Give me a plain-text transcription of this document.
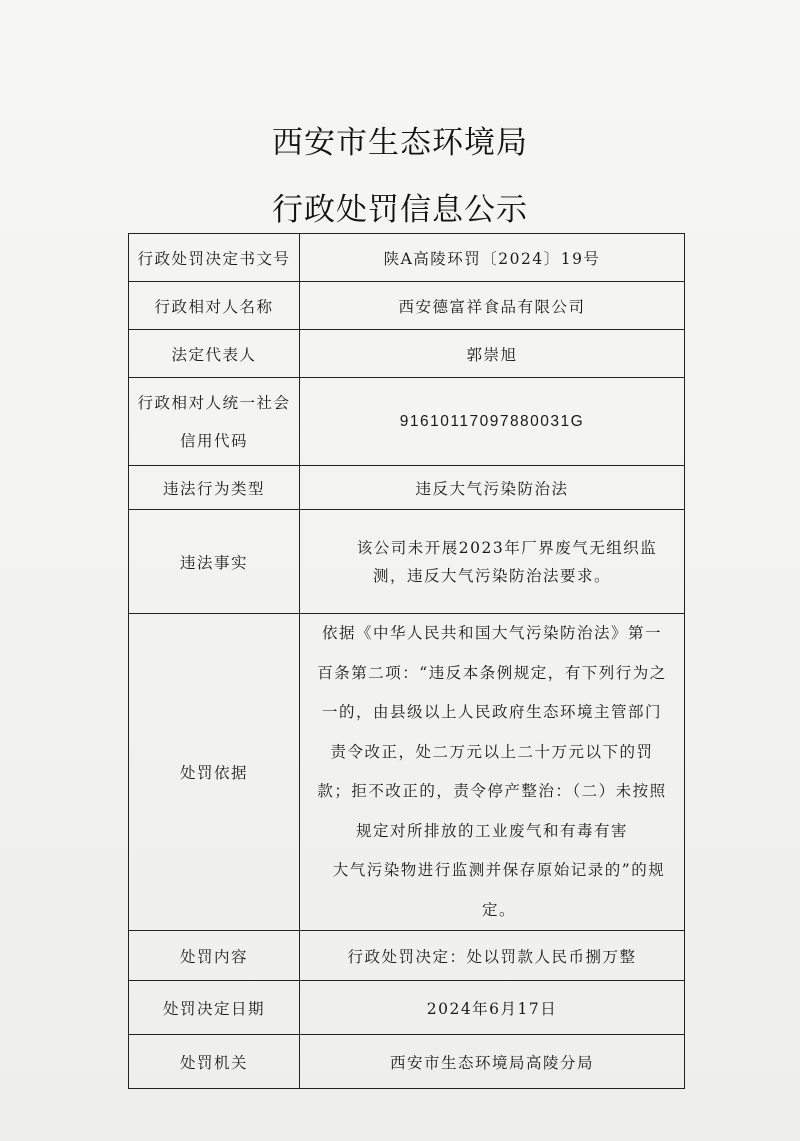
西安市生态环境局
行政处罚信息公示
行政处罚决定书文号	陕A高陵环罚〔2024〕19号
行政相对人名称	西安德富祥食品有限公司
法定代表人	郭崇旭

行政相对人统一社会
信用代码	91610117097880031G
违法行为类型	违反大气污染防治法
违法事实	该公司未开展2023年厂界废气无组织监测，违反大气污染防治法要求。

处罚依据	依据《中华人民共和国大气污染防治法》第一百条第二项：“违反本条例规定，有下列行为之一的，由县级以上人民政府生态环境主管部门责令改正，处二万元以上二十万元以下的罚款；拒不改正的，责令停产整治：（二）未按照规定对所排放的工业废气和有毒有害
大气污染物进行监测并保存原始记录的”的规定。

处罚内容	行政处罚决定：处以罚款人民币捌万整
处罚决定日期	2024年6月17日
处罚机关	西安市生态环境局高陵分局
